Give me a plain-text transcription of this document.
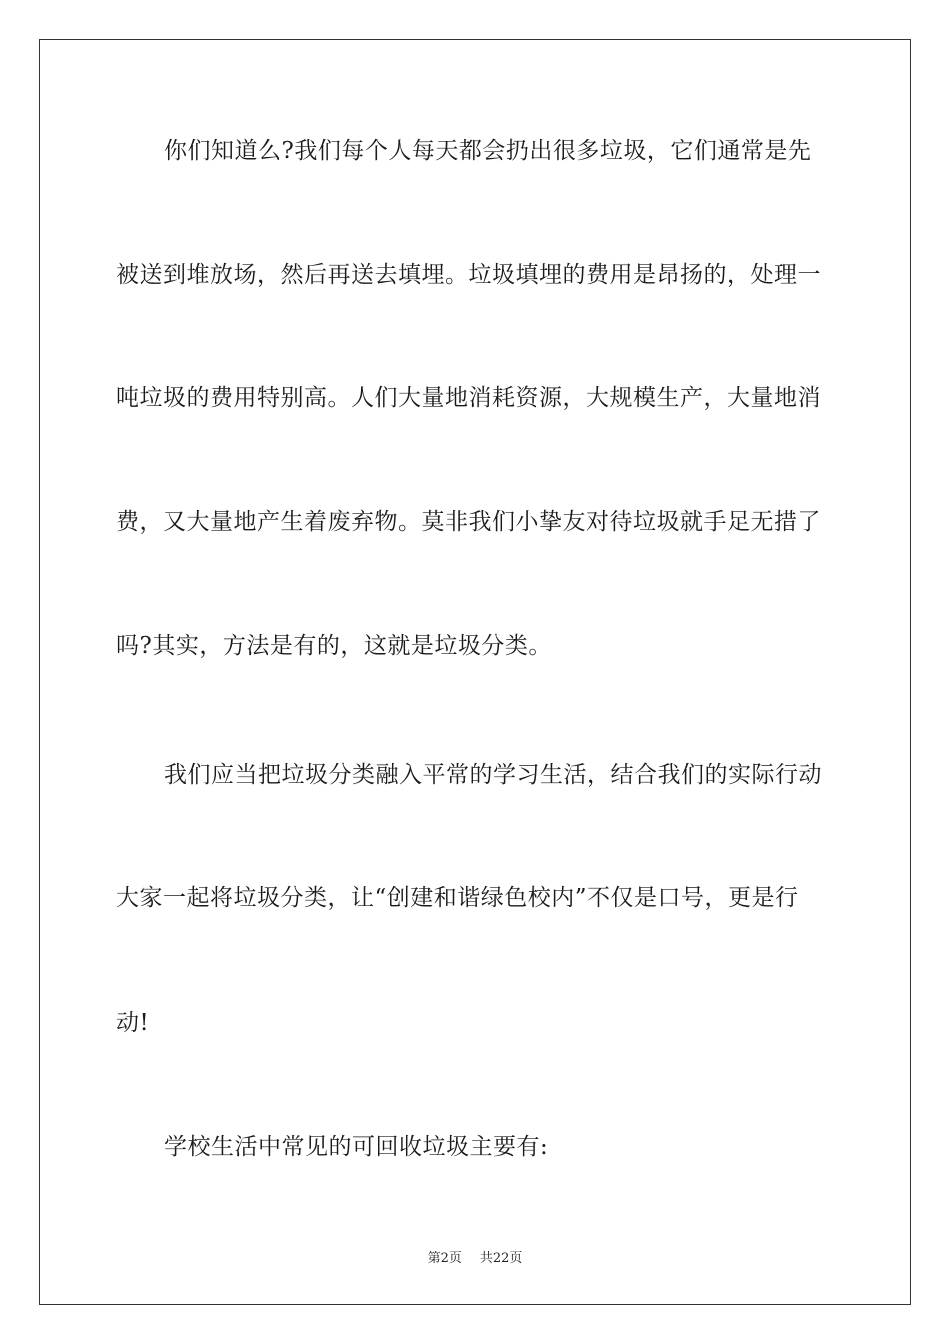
你们知道么?我们每个人每天都会扔出很多垃圾，它们通常是先
被送到堆放场，然后再送去填埋。垃圾填埋的费用是昂扬的，处理一
吨垃圾的费用特别高。人们大量地消耗资源，大规模生产，大量地消
费，又大量地产生着废弃物。莫非我们小挚友对待垃圾就手足无措了
吗?其实，方法是有的，这就是垃圾分类。
我们应当把垃圾分类融入平常的学习生活，结合我们的实际行动
大家一起将垃圾分类，让“创建和谐绿色校内”不仅是口号，更是行
动!
学校生活中常见的可回收垃圾主要有:
第2页 共22页
